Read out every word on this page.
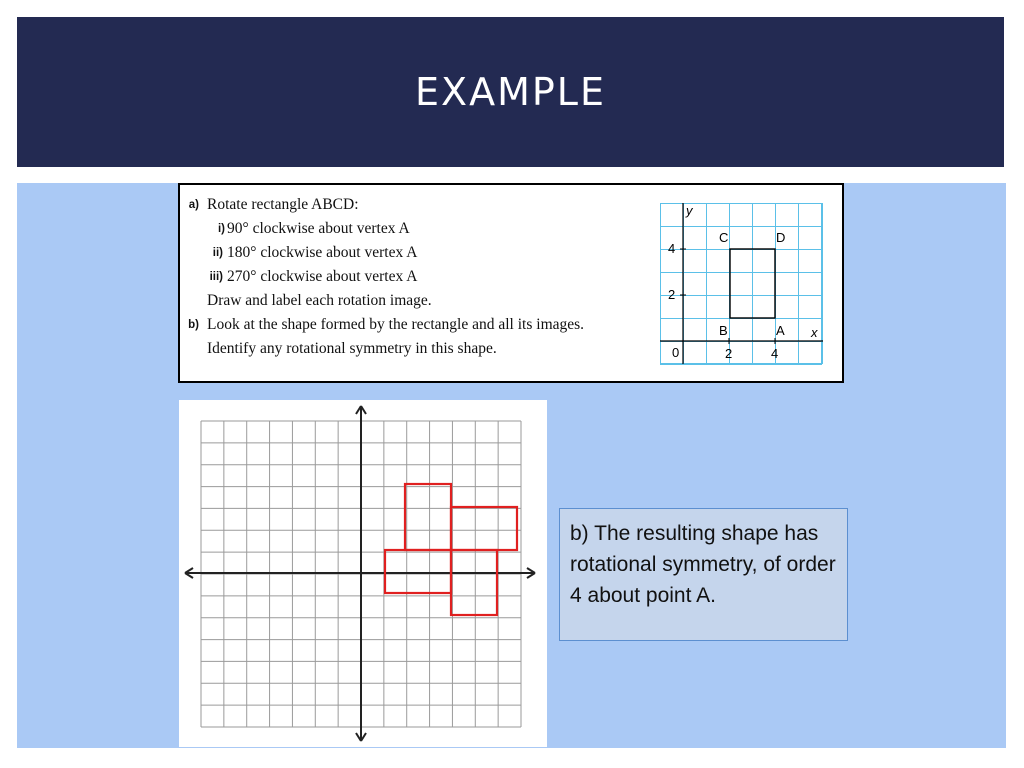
EXAMPLE
a) Rotate rectangle ABCD:
i) 90° clockwise about vertex A
ii) 180° clockwise about vertex A
iii) 270° clockwise about vertex A
Draw and label each rotation image.
b) Look at the shape formed by the rectangle and all its images.
Identify any rotational symmetry in this shape.
y
x
0
4
2
2	4
C	D
B	A

b) The resulting shape has rotational symmetry, of order 4 about point A.
